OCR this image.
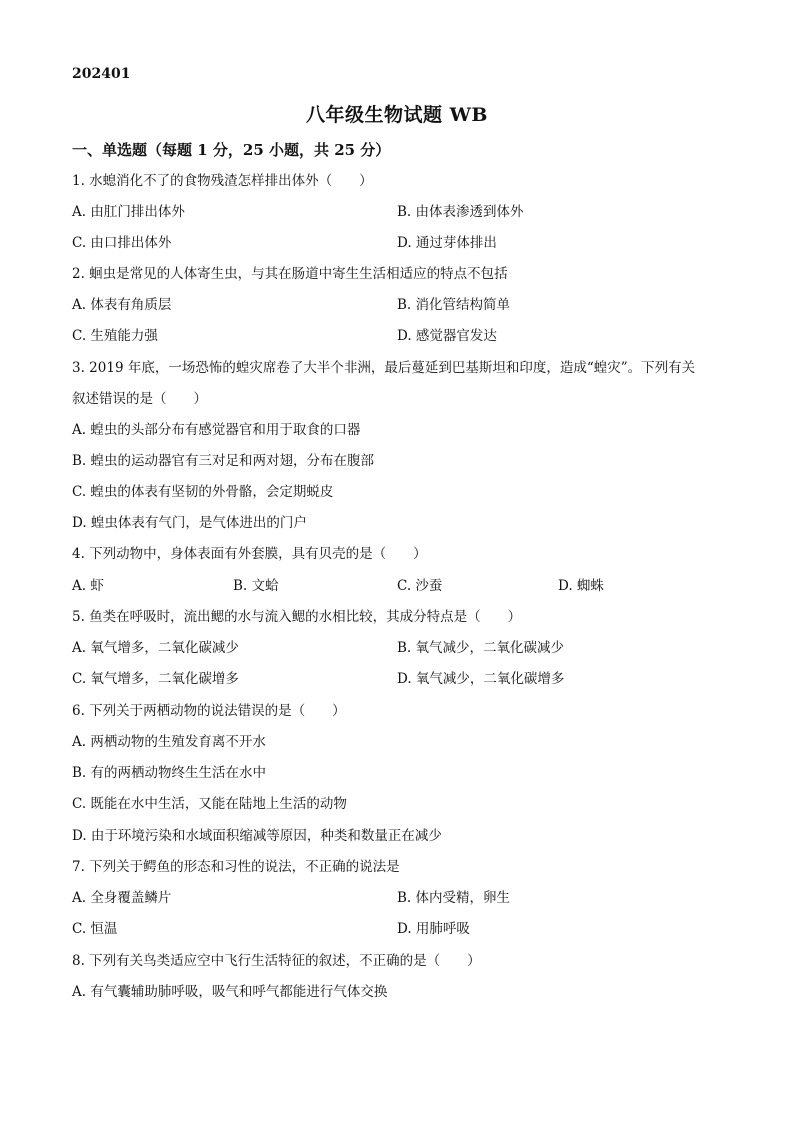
202401
八年级生物试题 WB
一、单选题（每题 1 分，25 小题，共 25 分）
1. 水螅消化不了的食物残渣怎样排出体外（　　）
A. 由肛门排出体外	B. 由体表渗透到体外
C. 由口排出体外	D. 通过芽体排出
2. 蛔虫是常见的人体寄生虫，与其在肠道中寄生生活相适应的特点不包括
A. 体表有角质层	B. 消化管结构简单
C. 生殖能力强	D. 感觉器官发达
3. 2019 年底，一场恐怖的蝗灾席卷了大半个非洲，最后蔓延到巴基斯坦和印度，造成“蝗灾”。下列有关
叙述错误的是（　　）
A. 蝗虫的头部分布有感觉器官和用于取食的口器
B. 蝗虫的运动器官有三对足和两对翅，分布在腹部
C. 蝗虫的体表有坚韧的外骨骼，会定期蜕皮
D. 蝗虫体表有气门，是气体进出的门户
4. 下列动物中，身体表面有外套膜，具有贝壳的是（　　）
A. 虾	B. 文蛤	C. 沙蚕	D. 蜘蛛
5. 鱼类在呼吸时，流出鳃的水与流入鳃的水相比较，其成分特点是（　　）
A. 氧气增多，二氧化碳减少	B. 氧气减少，二氧化碳减少
C. 氧气增多，二氧化碳增多	D. 氧气减少，二氧化碳增多
6. 下列关于两栖动物的说法错误的是（　　）
A. 两栖动物的生殖发育离不开水
B. 有的两栖动物终生生活在水中
C. 既能在水中生活，又能在陆地上生活的动物
D. 由于环境污染和水域面积缩减等原因，种类和数量正在减少
7. 下列关于鳄鱼的形态和习性的说法，不正确的说法是
A. 全身覆盖鳞片	B. 体内受精，卵生
C. 恒温	D. 用肺呼吸
8. 下列有关鸟类适应空中飞行生活特征的叙述，不正确的是（　　）
A. 有气囊辅助肺呼吸，吸气和呼气都能进行气体交换
